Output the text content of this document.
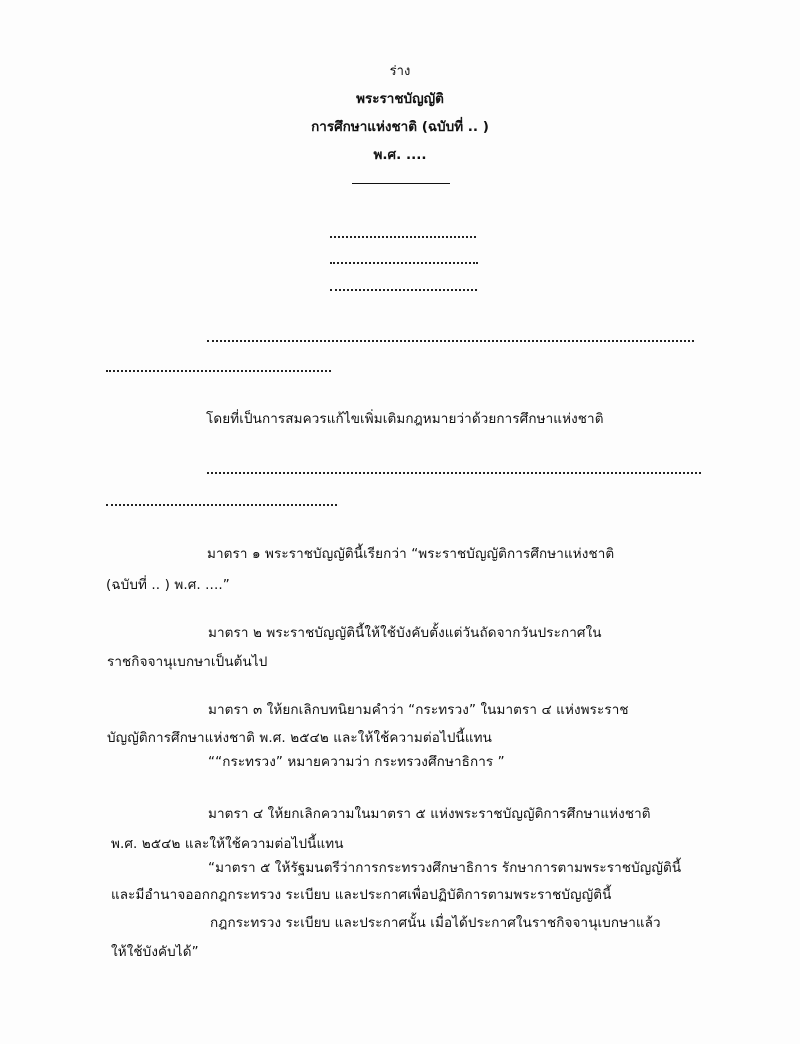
ร่าง
พระราชบัญญัติ
การศึกษาแห่งชาติ (ฉบับที่ .. )
พ.ศ. ....
โดยที่เป็นการสมควรแก้ไขเพิ่มเติมกฎหมายว่าด้วยการศึกษาแห่งชาติ
มาตรา ๑ พระราชบัญญัตินี้เรียกว่า “พระราชบัญญัติการศึกษาแห่งชาติ
(ฉบับที่ .. ) พ.ศ. ....”
มาตรา ๒ พระราชบัญญัตินี้ให้ใช้บังคับตั้งแต่วันถัดจากวันประกาศใน
ราชกิจจานุเบกษาเป็นต้นไป
มาตรา ๓ ให้ยกเลิกบทนิยามคำว่า “กระทรวง” ในมาตรา ๔ แห่งพระราช
บัญญัติการศึกษาแห่งชาติ พ.ศ. ๒๕๔๒ และให้ใช้ความต่อไปนี้แทน
““กระทรวง” หมายความว่า กระทรวงศึกษาธิการ ”
มาตรา ๔ ให้ยกเลิกความในมาตรา ๕ แห่งพระราชบัญญัติการศึกษาแห่งชาติ
พ.ศ. ๒๕๔๒ และให้ใช้ความต่อไปนี้แทน
“มาตรา ๕ ให้รัฐมนตรีว่าการกระทรวงศึกษาธิการ รักษาการตามพระราชบัญญัตินี้
และมีอำนาจออกกฎกระทรวง ระเบียบ และประกาศเพื่อปฏิบัติการตามพระราชบัญญัตินี้
กฎกระทรวง ระเบียบ และประกาศนั้น เมื่อได้ประกาศในราชกิจจานุเบกษาแล้ว
ให้ใช้บังคับได้”
